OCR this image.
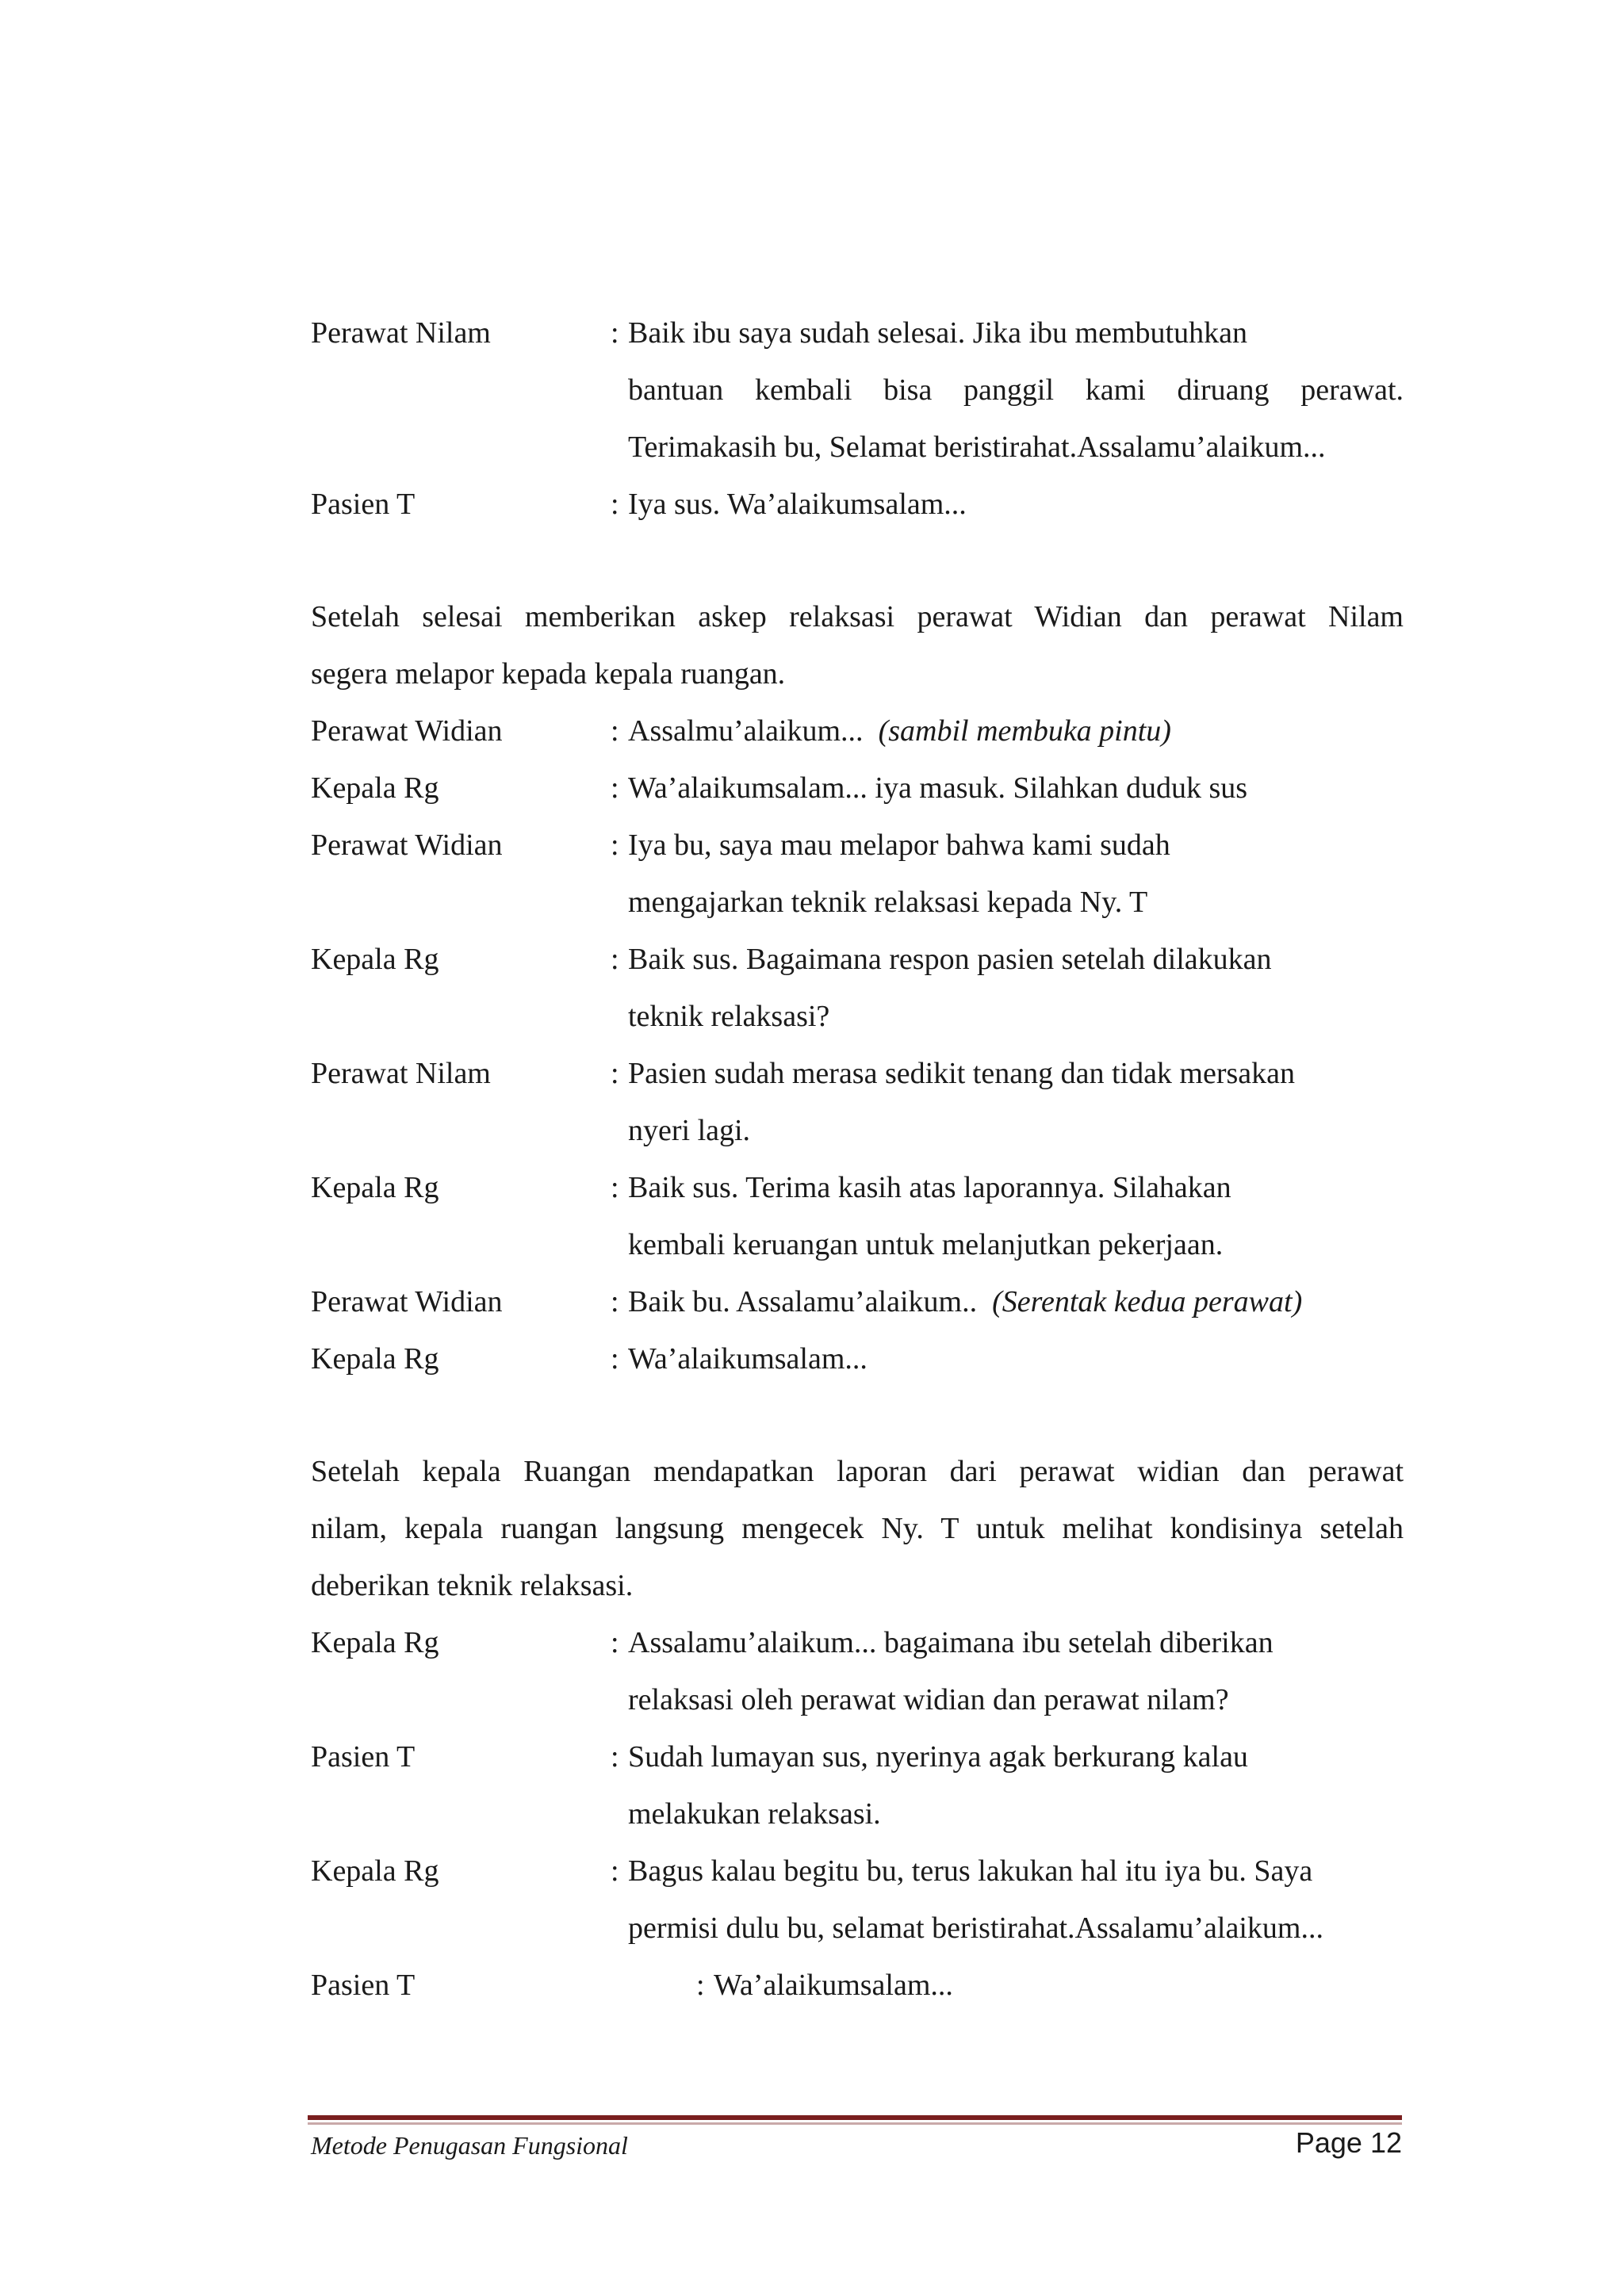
Perawat Nilam	: Baik ibu saya sudah selesai. Jika ibu membutuhkan
bantuan kembali bisa panggil kami diruang perawat.
Terimakasih bu, Selamat beristirahat.Assalamu’alaikum...
Pasien T	: Iya sus. Wa’alaikumsalam...
Setelah selesai memberikan askep relaksasi perawat Widian dan perawat Nilam
segera melapor kepada kepala ruangan.
Perawat Widian	: Assalmu’alaikum... (sambil membuka pintu)
Kepala Rg	: Wa’alaikumsalam... iya masuk. Silahkan duduk sus
Perawat Widian	: Iya bu, saya mau melapor bahwa kami sudah
mengajarkan teknik relaksasi kepada Ny. T
Kepala Rg	: Baik sus. Bagaimana respon pasien setelah dilakukan
teknik relaksasi?
Perawat Nilam	: Pasien sudah merasa sedikit tenang dan tidak mersakan
nyeri lagi.
Kepala Rg	: Baik sus. Terima kasih atas laporannya. Silahakan
kembali keruangan untuk melanjutkan pekerjaan.
Perawat Widian	: Baik bu. Assalamu’alaikum.. (Serentak kedua perawat)
Kepala Rg	: Wa’alaikumsalam...
Setelah kepala Ruangan mendapatkan laporan dari perawat widian dan perawat
nilam, kepala ruangan langsung mengecek Ny. T untuk melihat kondisinya setelah
deberikan teknik relaksasi.
Kepala Rg	: Assalamu’alaikum... bagaimana ibu setelah diberikan
relaksasi oleh perawat widian dan perawat nilam?
Pasien T	: Sudah lumayan sus, nyerinya agak berkurang kalau
melakukan relaksasi.
Kepala Rg	: Bagus kalau begitu bu, terus lakukan hal itu iya bu. Saya
permisi dulu bu, selamat beristirahat.Assalamu’alaikum...
Pasien T	: Wa’alaikumsalam...
Metode Penugasan Fungsional	Page 12
